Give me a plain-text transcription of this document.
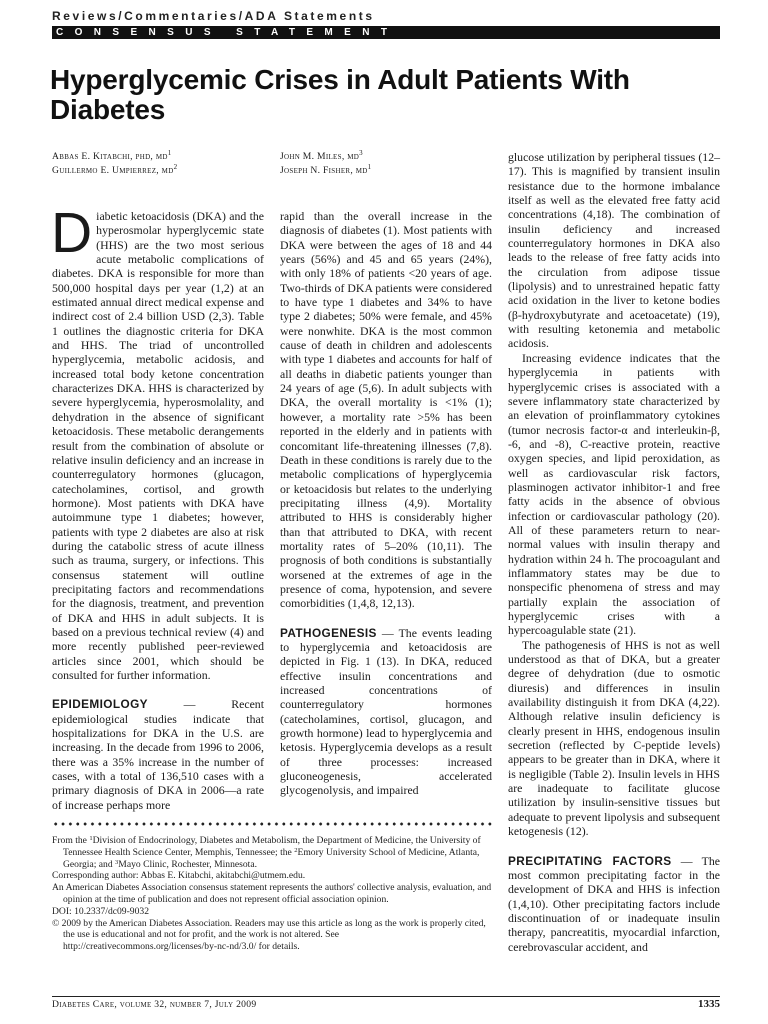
Reviews/Commentaries/ADA Statements
CONSENSUS STATEMENT
Hyperglycemic Crises in Adult Patients With Diabetes
Abbas E. Kitabchi, phd, $md^1$
Guillermo E. Umpierrez, $md^2$
John M. Miles, $md^3$
Joseph N. Fisher, $md^1$

Diabetic ketoacidosis (DKA) and the hyperosmolar hyperglycemic state (HHS) are the two most serious acute metabolic complications of diabetes. DKA is responsible for more than 500,000 hospital days per year (1,2) at an estimated annual direct medical expense and indirect cost of 2.4 billion USD (2,3). Table 1 outlines the diagnostic criteria for DKA and HHS. The triad of uncontrolled hyperglycemia, metabolic acidosis, and increased total body ketone concentration characterizes DKA. HHS is characterized by severe hyperglycemia, hyperosmolality, and dehydration in the absence of significant ketoacidosis. These metabolic derangements result from the combination of absolute or relative insulin deficiency and an increase in counterregulatory hormones (glucagon, catecholamines, cortisol, and growth hormone). Most patients with DKA have autoimmune type 1 diabetes; however, patients with type 2 diabetes are also at risk during the catabolic stress of acute illness such as trauma, surgery, or infections. This consensus statement will outline precipitating factors and recommendations for the diagnosis, treatment, and prevention of DKA and HHS in adult subjects. It is based on a previous technical review (4) and more recently published peer-reviewed articles since 2001, which should be consulted for further information.

EPIDEMIOLOGY — Recent epidemiological studies indicate that hospitalizations for DKA in the U.S. are increasing. In the decade from 1996 to 2006, there was a 35% increase in the number of cases, with a total of 136,510 cases with a primary diagnosis of DKA in 2006—a rate of increase perhaps more

rapid than the overall increase in the diagnosis of diabetes (1). Most patients with DKA were between the ages of 18 and 44 years (56%) and 45 and 65 years (24%), with only 18% of patients <20 years of age. Two-thirds of DKA patients were considered to have type 1 diabetes and 34% to have type 2 diabetes; 50% were female, and 45% were nonwhite. DKA is the most common cause of death in children and adolescents with type 1 diabetes and accounts for half of all deaths in diabetic patients younger than 24 years of age (5,6). In adult subjects with DKA, the overall mortality is <1% (1); however, a mortality rate >5% has been reported in the elderly and in patients with concomitant life-threatening illnesses (7,8). Death in these conditions is rarely due to the metabolic complications of hyperglycemia or ketoacidosis but relates to the underlying precipitating illness (4,9). Mortality attributed to HHS is considerably higher than that attributed to DKA, with recent mortality rates of 5–20% (10,11). The prognosis of both conditions is substantially worsened at the extremes of age in the presence of coma, hypotension, and severe comorbidities (1,4,8, 12,13).

PATHOGENESIS — The events leading to hyperglycemia and ketoacidosis are depicted in Fig. 1 (13). In DKA, reduced effective insulin concentrations and increased concentrations of counterregulatory hormones (catecholamines, cortisol, glucagon, and growth hormone) lead to hyperglycemia and ketosis. Hyperglycemia develops as a result of three processes: increased gluconeogenesis, accelerated glycogenolysis, and impaired

glucose utilization by peripheral tissues (12–17). This is magnified by transient insulin resistance due to the hormone imbalance itself as well as the elevated free fatty acid concentrations (4,18). The combination of insulin deficiency and increased counterregulatory hormones in DKA also leads to the release of free fatty acids into the circulation from adipose tissue (lipolysis) and to unrestrained hepatic fatty acid oxidation in the liver to ketone bodies (β-hydroxybutyrate and acetoacetate) (19), with resulting ketonemia and metabolic acidosis.

Increasing evidence indicates that the hyperglycemia in patients with hyperglycemic crises is associated with a severe inflammatory state characterized by an elevation of proinflammatory cytokines (tumor necrosis factor-α and interleukin-β, -6, and -8), C-reactive protein, reactive oxygen species, and lipid peroxidation, as well as cardiovascular risk factors, plasminogen activator inhibitor-1 and free fatty acids in the absence of obvious infection or cardiovascular pathology (20). All of these parameters return to near-normal values with insulin therapy and hydration within 24 h. The procoagulant and inflammatory states may be due to nonspecific phenomena of stress and may partially explain the association of hyperglycemic crises with a hypercoagulable state (21).

The pathogenesis of HHS is not as well understood as that of DKA, but a greater degree of dehydration (due to osmotic diuresis) and differences in insulin availability distinguish it from DKA (4,22). Although relative insulin deficiency is clearly present in HHS, endogenous insulin secretion (reflected by C-peptide levels) appears to be greater than in DKA, where it is negligible (Table 2). Insulin levels in HHS are inadequate to facilitate glucose utilization by insulin-sensitive tissues but adequate to prevent lipolysis and subsequent ketogenesis (12).

PRECIPITATING FACTORS — The most common precipitating factor in the development of DKA and HHS is infection (1,4,10). Other precipitating factors include discontinuation of or inadequate insulin therapy, pancreatitis, myocardial infarction, cerebrovascular accident, and

From the $^1$Division of Endocrinology, Diabetes and Metabolism, the Department of Medicine, the University of Tennessee Health Science Center, Memphis, Tennessee; the $^2$Emory University School of Medicine, Atlanta, Georgia; and $^3$Mayo Clinic, Rochester, Minnesota.

Corresponding author: Abbas E. Kitabchi, akitabchi@utmem.edu.

An American Diabetes Association consensus statement represents the authors' collective analysis, evaluation, and opinion at the time of publication and does not represent official association opinion.

DOI: 10.2337/dc09-9032

© 2009 by the American Diabetes Association. Readers may use this article as long as the work is properly cited, the use is educational and not for profit, and the work is not altered. See http://creativecommons.org/licenses/by-nc-nd/3.0/ for details.

Diabetes Care, volume 32, number 7, July 2009	1335
